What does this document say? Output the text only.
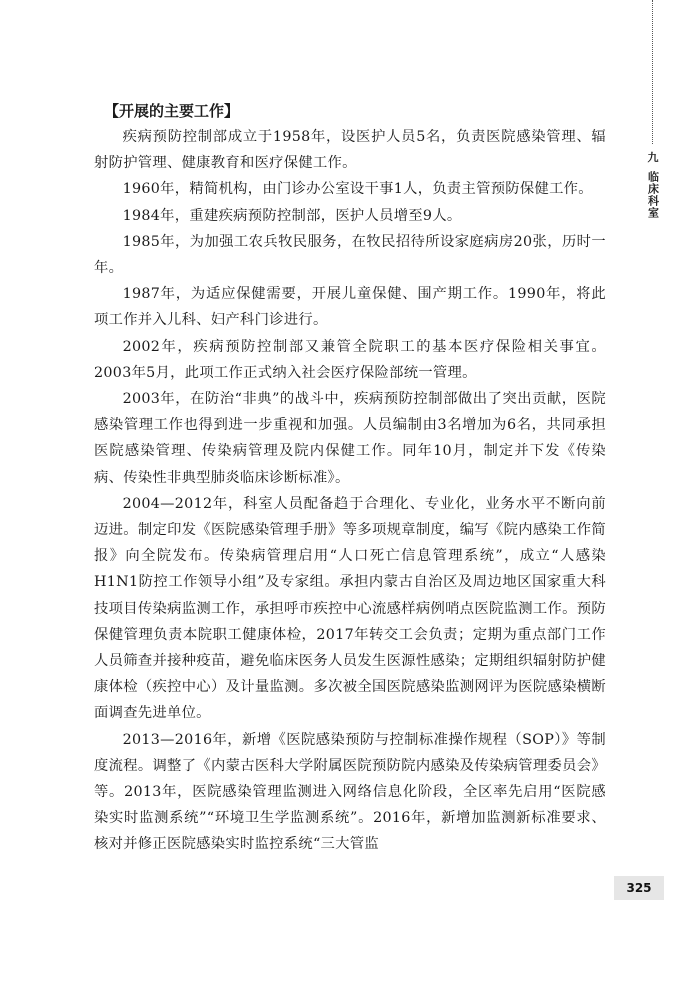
九
临床科室
【开展的主要工作】

疾病预防控制部成立于1958年，设医护人员5名，负责医院感染管理、辐射防护管理、健康教育和医疗保健工作。

1960年，精简机构，由门诊办公室设干事1人，负责主管预防保健工作。

1984年，重建疾病预防控制部，医护人员增至9人。

1985年，为加强工农兵牧民服务，在牧民招待所设家庭病房20张，历时一年。

1987年，为适应保健需要，开展儿童保健、围产期工作。1990年，将此项工作并入儿科、妇产科门诊进行。

2002年，疾病预防控制部又兼管全院职工的基本医疗保险相关事宜。2003年5月，此项工作正式纳入社会医疗保险部统一管理。

2003年，在防治“非典”的战斗中，疾病预防控制部做出了突出贡献，医院感染管理工作也得到进一步重视和加强。人员编制由3名增加为6名，共同承担医院感染管理、传染病管理及院内保健工作。同年10月，制定并下发《传染病、传染性非典型肺炎临床诊断标准》。

2004—2012年，科室人员配备趋于合理化、专业化，业务水平不断向前迈进。制定印发《医院感染管理手册》等多项规章制度，编写《院内感染工作简报》向全院发布。传染病管理启用“人口死亡信息管理系统”，成立“人感染H1N1防控工作领导小组”及专家组。承担内蒙古自治区及周边地区国家重大科技项目传染病监测工作，承担呼市疾控中心流感样病例哨点医院监测工作。预防保健管理负责本院职工健康体检，2017年转交工会负责；定期为重点部门工作人员筛查并接种疫苗，避免临床医务人员发生医源性感染；定期组织辐射防护健康体检（疾控中心）及计量监测。多次被全国医院感染监测网评为医院感染横断面调查先进单位。

2013—2016年，新增《医院感染预防与控制标准操作规程（SOP）》等制度流程。调整了《内蒙古医科大学附属医院预防院内感染及传染病管理委员会》等。2013年，医院感染管理监测进入网络信息化阶段，全区率先启用“医院感染实时监测系统”“环境卫生学监测系统”。2016年，新增加监测新标准要求、核对并修正医院感染实时监控系统“三大管监

325
